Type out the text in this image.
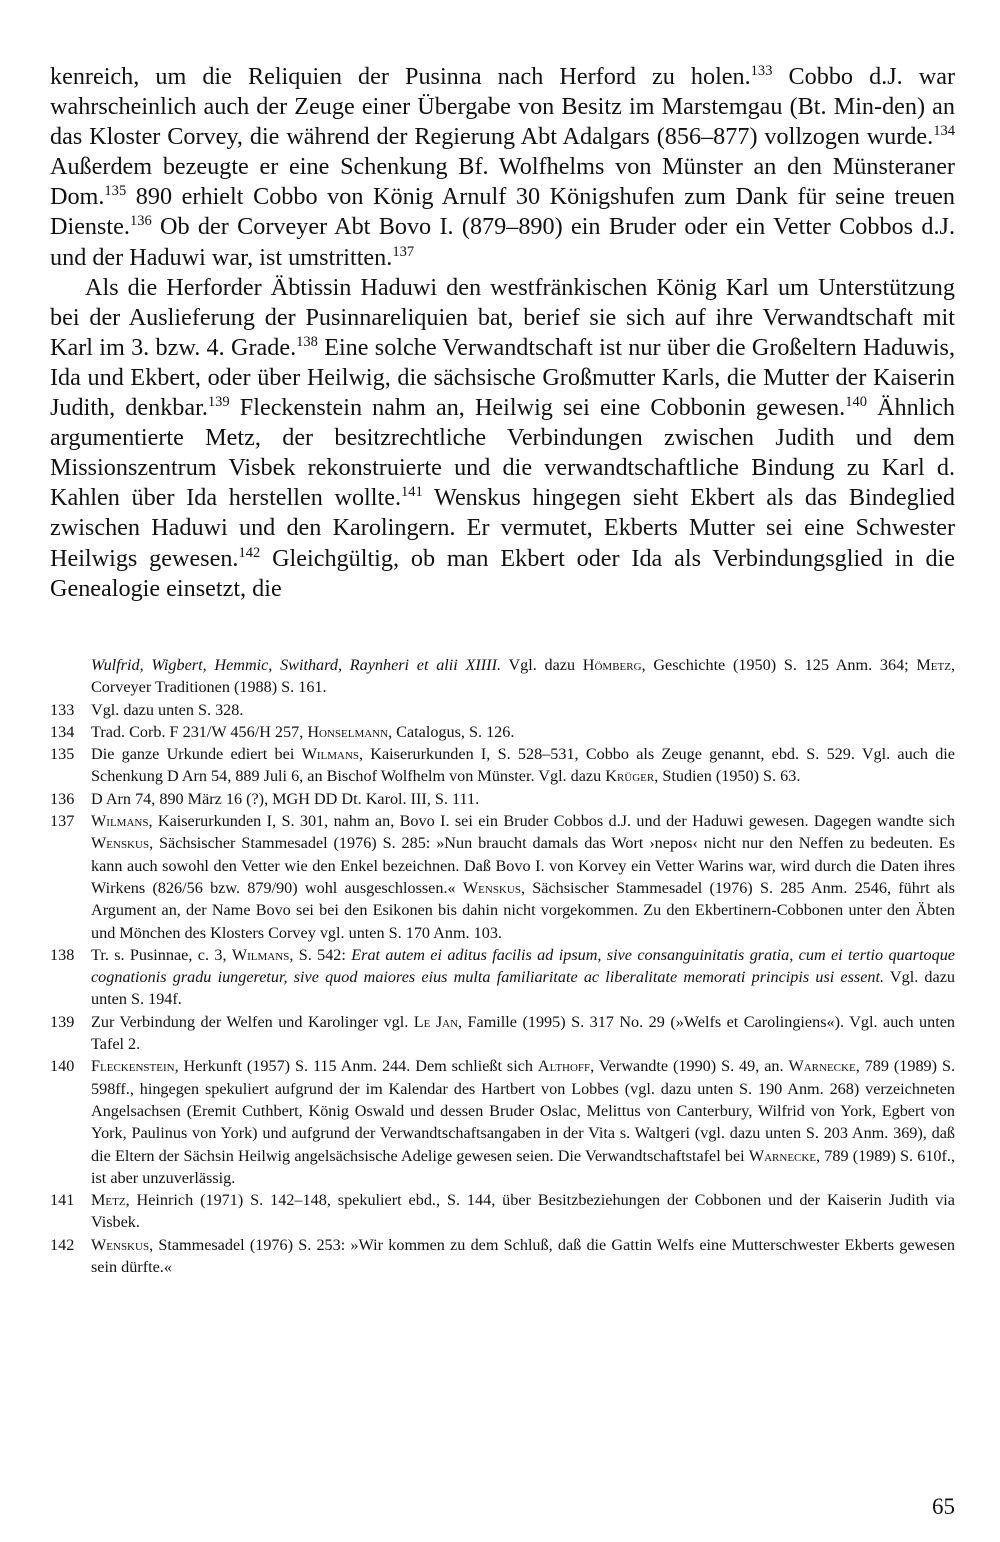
kenreich, um die Reliquien der Pusinna nach Herford zu holen.$^{133}$ Cobbo d.J. war wahrscheinlich auch der Zeuge einer Übergabe von Besitz im Marstemgau (Bt. Min-den) an das Kloster Corvey, die während der Regierung Abt Adalgars (856–877) vollzogen wurde.$^{134}$ Außerdem bezeugte er eine Schenkung Bf. Wolfhelms von Münster an den Münsteraner Dom.$^{135}$ 890 erhielt Cobbo von König Arnulf 30 Königshufen zum Dank für seine treuen Dienste.$^{136}$ Ob der Corveyer Abt Bovo I. (879–890) ein Bruder oder ein Vetter Cobbos d.J. und der Haduwi war, ist umstritten.$^{137}$

Als die Herforder Äbtissin Haduwi den westfränkischen König Karl um Unterstützung bei der Auslieferung der Pusinnareliquien bat, berief sie sich auf ihre Verwandtschaft mit Karl im 3. bzw. 4. Grade.$^{138}$ Eine solche Verwandtschaft ist nur über die Großeltern Haduwis, Ida und Ekbert, oder über Heilwig, die sächsische Großmutter Karls, die Mutter der Kaiserin Judith, denkbar.$^{139}$ Fleckenstein nahm an, Heilwig sei eine Cobbonin gewesen.$^{140}$ Ähnlich argumentierte Metz, der besitzrechtliche Verbindungen zwischen Judith und dem Missionszentrum Visbek rekonstruierte und die verwandtschaftliche Bindung zu Karl d. Kahlen über Ida herstellen wollte.$^{141}$ Wenskus hingegen sieht Ekbert als das Bindeglied zwischen Haduwi und den Karolingern. Er vermutet, Ekberts Mutter sei eine Schwester Heilwigs gewesen.$^{142}$ Gleichgültig, ob man Ekbert oder Ida als Verbindungsglied in die Genealogie einsetzt, die

Wulfrid, Wigbert, Hemmic, Swithard, Raynheri et alii XIIII. Vgl. dazu Hömberg, Geschichte (1950) S. 125 Anm. 364; Metz, Corveyer Traditionen (1988) S. 161.

133 Vgl. dazu unten S. 328.

134 Trad. Corb. F 231/W 456/H 257, Honselmann, Catalogus, S. 126.

135 Die ganze Urkunde ediert bei Wilmans, Kaiserurkunden I, S. 528–531, Cobbo als Zeuge genannt, ebd. S. 529. Vgl. auch die Schenkung D Arn 54, 889 Juli 6, an Bischof Wolfhelm von Münster. Vgl. dazu Krüger, Studien (1950) S. 63.

136 D Arn 74, 890 März 16 (?), MGH DD Dt. Karol. III, S. 111.

137 Wilmans, Kaiserurkunden I, S. 301, nahm an, Bovo I. sei ein Bruder Cobbos d.J. und der Haduwi gewesen. Dagegen wandte sich Wenskus, Sächsischer Stammesadel (1976) S. 285: »Nun braucht damals das Wort ›nepos‹ nicht nur den Neffen zu bedeuten. Es kann auch sowohl den Vetter wie den Enkel bezeichnen. Daß Bovo I. von Korvey ein Vetter Warins war, wird durch die Daten ihres Wirkens (826/56 bzw. 879/90) wohl ausgeschlossen.« Wenskus, Sächsischer Stammesadel (1976) S. 285 Anm. 2546, führt als Argument an, der Name Bovo sei bei den Esikonen bis dahin nicht vorgekommen. Zu den Ekbertinern-Cobbonen unter den Äbten und Mönchen des Klosters Corvey vgl. unten S. 170 Anm. 103.

138 Tr. s. Pusinnae, c. 3, Wilmans, S. 542: Erat autem ei aditus facilis ad ipsum, sive consanguinitatis gratia, cum ei tertio quartoque cognationis gradu iungeretur, sive quod maiores eius multa familiaritate ac liberalitate memorati principis usi essent. Vgl. dazu unten S. 194f.

139 Zur Verbindung der Welfen und Karolinger vgl. Le Jan, Famille (1995) S. 317 No. 29 (»Welfs et Carolingiens«). Vgl. auch unten Tafel 2.

140 Fleckenstein, Herkunft (1957) S. 115 Anm. 244. Dem schließt sich Althoff, Verwandte (1990) S. 49, an. Warnecke, 789 (1989) S. 598ff., hingegen spekuliert aufgrund der im Kalendar des Hartbert von Lobbes (vgl. dazu unten S. 190 Anm. 268) verzeichneten Angelsachsen (Eremit Cuthbert, König Oswald und dessen Bruder Oslac, Melittus von Canterbury, Wilfrid von York, Egbert von York, Paulinus von York) und aufgrund der Verwandtschaftsangaben in der Vita s. Waltgeri (vgl. dazu unten S. 203 Anm. 369), daß die Eltern der Sächsin Heilwig angelsächsische Adelige gewesen seien. Die Verwandtschaftstafel bei Warnecke, 789 (1989) S. 610f., ist aber unzuverlässig.

141 Metz, Heinrich (1971) S. 142–148, spekuliert ebd., S. 144, über Besitzbeziehungen der Cobbonen und der Kaiserin Judith via Visbek.

142 Wenskus, Stammesadel (1976) S. 253: »Wir kommen zu dem Schluß, daß die Gattin Welfs eine Mutterschwester Ekberts gewesen sein dürfte.«

65
